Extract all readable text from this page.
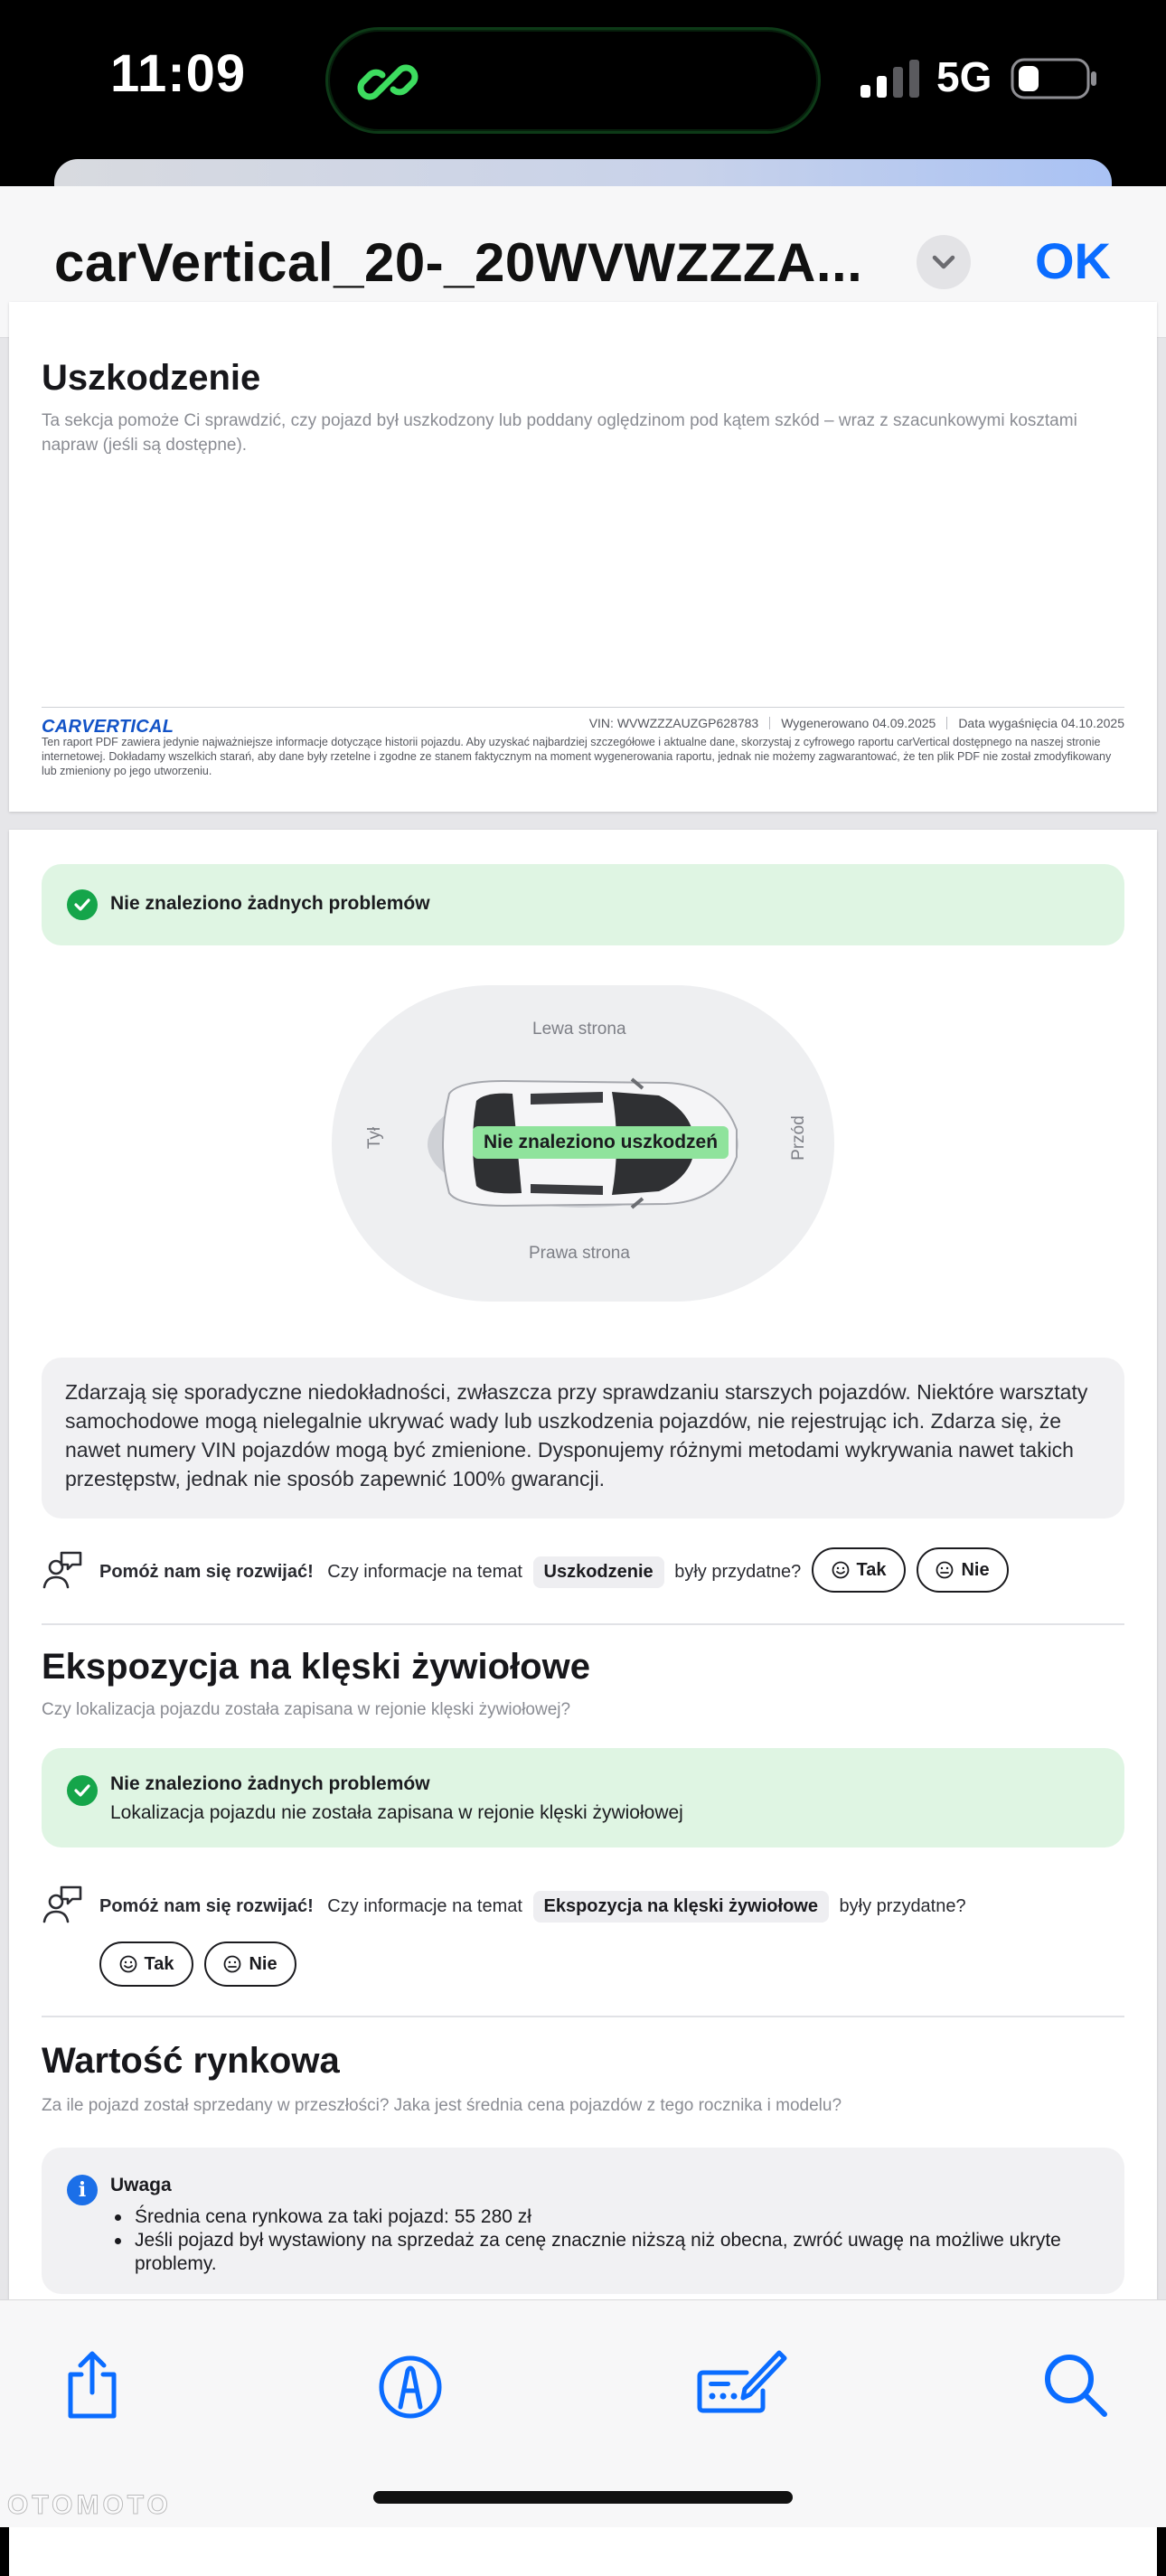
11:09	5G
carVertical_20-_20WVWZZZA...	OK
Uszkodzenie
Ta sekcja pomoże Ci sprawdzić, czy pojazd był uszkodzony lub poddany oględzinom pod kątem szkód – wraz z szacunkowymi kosztami napraw (jeśli są dostępne).
CARVERTICAL	VIN: WVWZZZAUZGP628783 Wygenerowano 04.09.2025 Data wygaśnięcia 04.10.2025
Ten raport PDF zawiera jedynie najważniejsze informacje dotyczące historii pojazdu. Aby uzyskać najbardziej szczegółowe i aktualne dane, skorzystaj z cyfrowego raportu carVertical dostępnego na naszej stronie internetowej. Dokładamy wszelkich starań, aby dane były rzetelne i zgodne ze stanem faktycznym na moment wygenerowania raportu, jednak nie możemy zagwarantować, że ten plik PDF nie został zmodyfikowany lub zmieniony po jego utworzeniu.
Nie znaleziono żadnych problemów
Lewa strona
Prawa strona
Tył	Przód
Nie znaleziono uszkodzeń
Zdarzają się sporadyczne niedokładności, zwłaszcza przy sprawdzaniu starszych pojazdów. Niektóre warsztaty samochodowe mogą nielegalnie ukrywać wady lub uszkodzenia pojazdów, nie rejestrując ich. Zdarza się, że nawet numery VIN pojazdów mogą być zmienione. Dysponujemy różnymi metodami wykrywania nawet takich przestępstw, jednak nie sposób zapewnić 100% gwarancji.
Pomóż nam się rozwijać! Czy informacje na temat Uszkodzenie były przydatne?	Tak	Nie
Ekspozycja na klęski żywiołowe
Czy lokalizacja pojazdu została zapisana w rejonie klęski żywiołowej?
Nie znaleziono żadnych problemów
Lokalizacja pojazdu nie została zapisana w rejonie klęski żywiołowej
Pomóż nam się rozwijać! Czy informacje na temat Ekspozycja na klęski żywiołowe były przydatne?
Tak	Nie
Wartość rynkowa
Za ile pojazd został sprzedany w przeszłości? Jaka jest średnia cena pojazdów z tego rocznika i modelu?
i	Uwaga
Średnia cena rynkowa za taki pojazd: 55 280 zł
Jeśli pojazd był wystawiony na sprzedaż za cenę znacznie niższą niż obecna, zwróć uwagę na możliwe ukryte problemy.
OTOMOTO
